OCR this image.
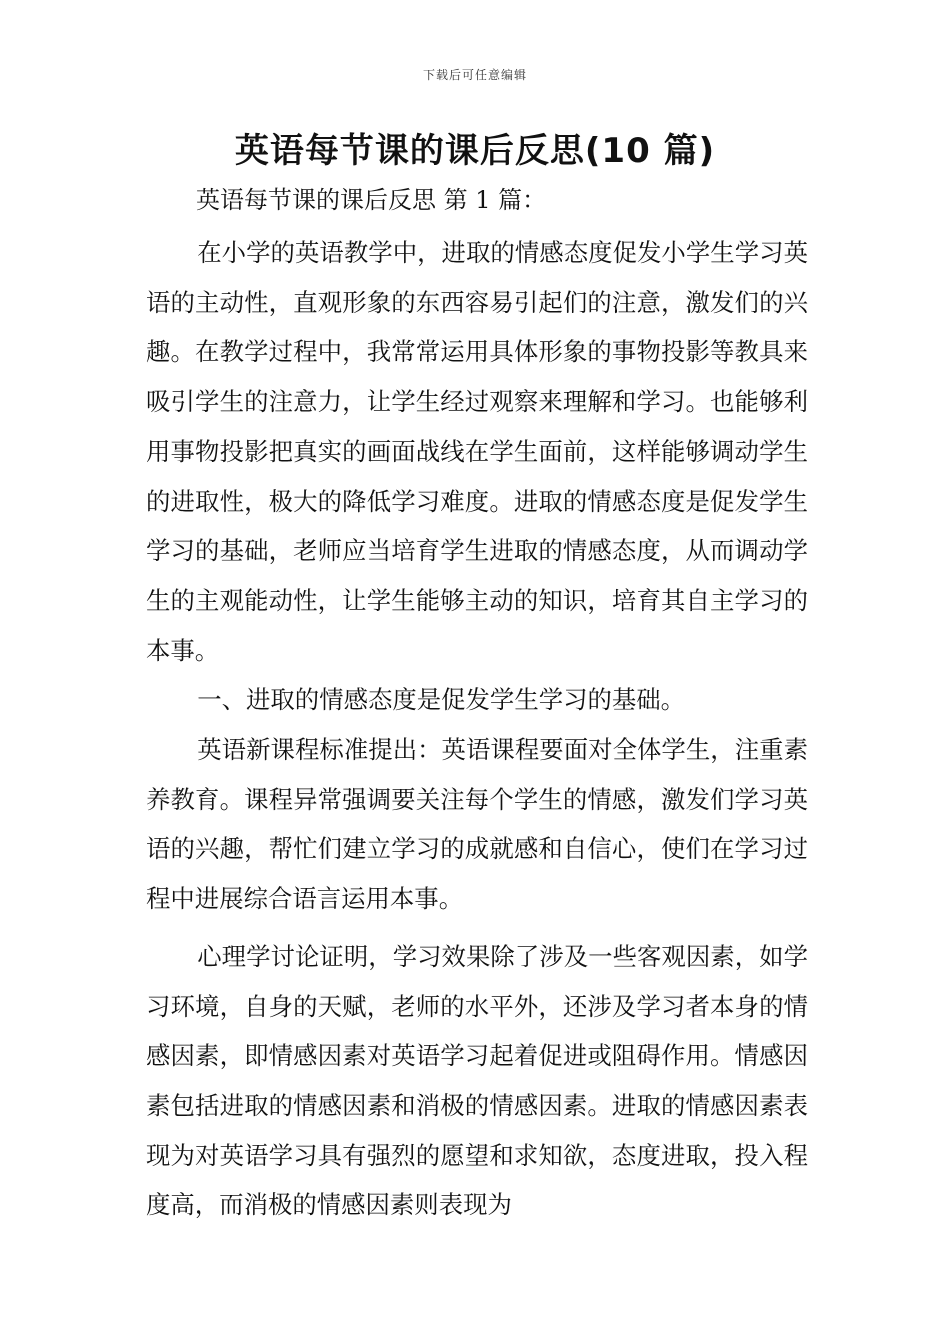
下载后可任意编辑
英语每节课的课后反思(10 篇)
英语每节课的课后反思 第 1 篇：

在小学的英语教学中，进取的情感态度促发小学生学习英语的主动性，直观形象的东西容易引起们的注意，激发们的兴趣。在教学过程中，我常常运用具体形象的事物投影等教具来吸引学生的注意力，让学生经过观察来理解和学习。也能够利用事物投影把真实的画面战线在学生面前，这样能够调动学生的进取性，极大的降低学习难度。进取的情感态度是促发学生学习的基础，老师应当培育学生进取的情感态度，从而调动学生的主观能动性，让学生能够主动的知识，培育其自主学习的本事。

一、进取的情感态度是促发学生学习的基础。

英语新课程标准提出：英语课程要面对全体学生，注重素养教育。课程异常强调要关注每个学生的情感，激发们学习英语的兴趣，帮忙们建立学习的成就感和自信心，使们在学习过程中进展综合语言运用本事。

心理学讨论证明，学习效果除了涉及一些客观因素，如学习环境，自身的天赋，老师的水平外，还涉及学习者本身的情感因素，即情感因素对英语学习起着促进或阻碍作用。情感因素包括进取的情感因素和消极的情感因素。进取的情感因素表现为对英语学习具有强烈的愿望和求知欲，态度进取，投入程度高，而消极的情感因素则表现为
